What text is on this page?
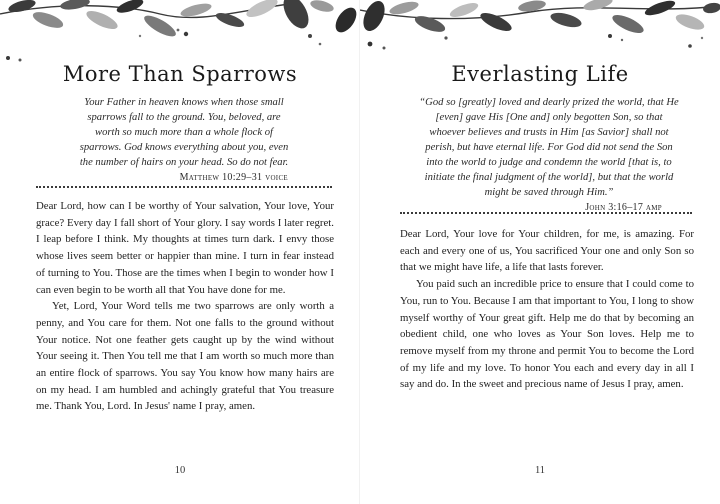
More Than Sparrows
Your Father in heaven knows when those small sparrows fall to the ground. You, beloved, are worth so much more than a whole flock of sparrows. God knows everything about you, even the number of hairs on your head. So do not fear.
Matthew 10:29–31 voice

Dear Lord, how can I be worthy of Your salvation, Your love, Your grace? Every day I fall short of Your glory. I say words I later regret. I leap before I think. My thoughts at times turn dark. I envy those whose lives seem better or happier than mine. I turn in fear instead of turning to You. Those are the times when I begin to wonder how I can even begin to be worth all that You have done for me.

Yet, Lord, Your Word tells me two sparrows are only worth a penny, and You care for them. Not one falls to the ground without Your notice. Not one feather gets caught up by the wind without Your seeing it. Then You tell me that I am worth so much more than an entire flock of sparrows. You say You know how many hairs are on my head. I am humbled and achingly grateful that You treasure me. Thank You, Lord. In Jesus' name I pray, amen.

10
Everlasting Life
“God so [greatly] loved and dearly prized the world, that He [even] gave His [One and] only begotten Son, so that whoever believes and trusts in Him [as Savior] shall not perish, but have eternal life. For God did not send the Son into the world to judge and condemn the world [that is, to initiate the final judgment of the world], but that the world might be saved through Him.”
John 3:16–17 amp

Dear Lord, Your love for Your children, for me, is amazing. For each and every one of us, You sacrificed Your one and only Son so that we might have life, a life that lasts forever.

You paid such an incredible price to ensure that I could come to You, run to You. Because I am that important to You, I long to show myself worthy of Your great gift. Help me do that by becoming an obedient child, one who loves as Your Son loves. Help me to remove myself from my throne and permit You to become the Lord of my life and my love. To honor You each and every day in all I say and do. In the sweet and precious name of Jesus I pray, amen.

11
